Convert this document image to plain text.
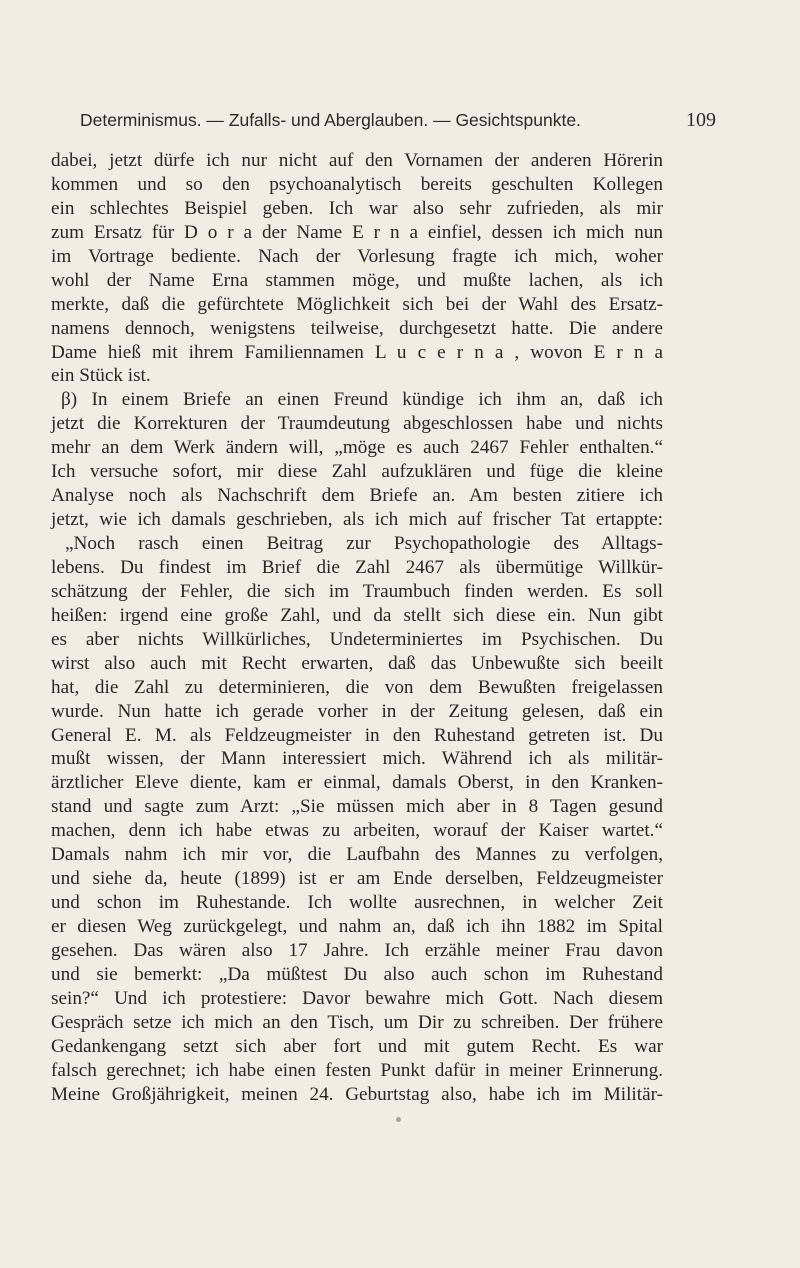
Determinismus. — Zufalls- und Aberglauben. — Gesichtspunkte.	109
dabei, jetzt dürfe ich nur nicht auf den Vornamen der anderen Hörerin
kommen und so den psychoanalytisch bereits geschulten Kollegen
ein schlechtes Beispiel geben. Ich war also sehr zufrieden, als mir
zum Ersatz für D o r a der Name E r n a einfiel, dessen ich mich nun
im Vortrage bediente. Nach der Vorlesung fragte ich mich, woher
wohl der Name Erna stammen möge, und mußte lachen, als ich
merkte, daß die gefürchtete Möglichkeit sich bei der Wahl des Ersatz-
namens dennoch, wenigstens teilweise, durchgesetzt hatte. Die andere
Dame hieß mit ihrem Familiennamen L u c e r n a , wovon E r n a
ein Stück ist.
β) In einem Briefe an einen Freund kündige ich ihm an, daß ich
jetzt die Korrekturen der Traumdeutung abgeschlossen habe und nichts
mehr an dem Werk ändern will, „möge es auch 2467 Fehler enthalten.“
Ich versuche sofort, mir diese Zahl aufzuklären und füge die kleine
Analyse noch als Nachschrift dem Briefe an. Am besten zitiere ich
jetzt, wie ich damals geschrieben, als ich mich auf frischer Tat ertappte:
„Noch rasch einen Beitrag zur Psychopathologie des Alltags-
lebens. Du findest im Brief die Zahl 2467 als übermütige Willkür-
schätzung der Fehler, die sich im Traumbuch finden werden. Es soll
heißen: irgend eine große Zahl, und da stellt sich diese ein. Nun gibt
es aber nichts Willkürliches, Undeterminiertes im Psychischen. Du
wirst also auch mit Recht erwarten, daß das Unbewußte sich beeilt
hat, die Zahl zu determinieren, die von dem Bewußten freigelassen
wurde. Nun hatte ich gerade vorher in der Zeitung gelesen, daß ein
General E. M. als Feldzeugmeister in den Ruhestand getreten ist. Du
mußt wissen, der Mann interessiert mich. Während ich als militär-
ärztlicher Eleve diente, kam er einmal, damals Oberst, in den Kranken-
stand und sagte zum Arzt: „Sie müssen mich aber in 8 Tagen gesund
machen, denn ich habe etwas zu arbeiten, worauf der Kaiser wartet.“
Damals nahm ich mir vor, die Laufbahn des Mannes zu verfolgen,
und siehe da, heute (1899) ist er am Ende derselben, Feldzeugmeister
und schon im Ruhestande. Ich wollte ausrechnen, in welcher Zeit
er diesen Weg zurückgelegt, und nahm an, daß ich ihn 1882 im Spital
gesehen. Das wären also 17 Jahre. Ich erzähle meiner Frau davon
und sie bemerkt: „Da müßtest Du also auch schon im Ruhestand
sein?“ Und ich protestiere: Davor bewahre mich Gott. Nach diesem
Gespräch setze ich mich an den Tisch, um Dir zu schreiben. Der frühere
Gedankengang setzt sich aber fort und mit gutem Recht. Es war
falsch gerechnet; ich habe einen festen Punkt dafür in meiner Erinnerung.
Meine Großjährigkeit, meinen 24. Geburtstag also, habe ich im Militär-
